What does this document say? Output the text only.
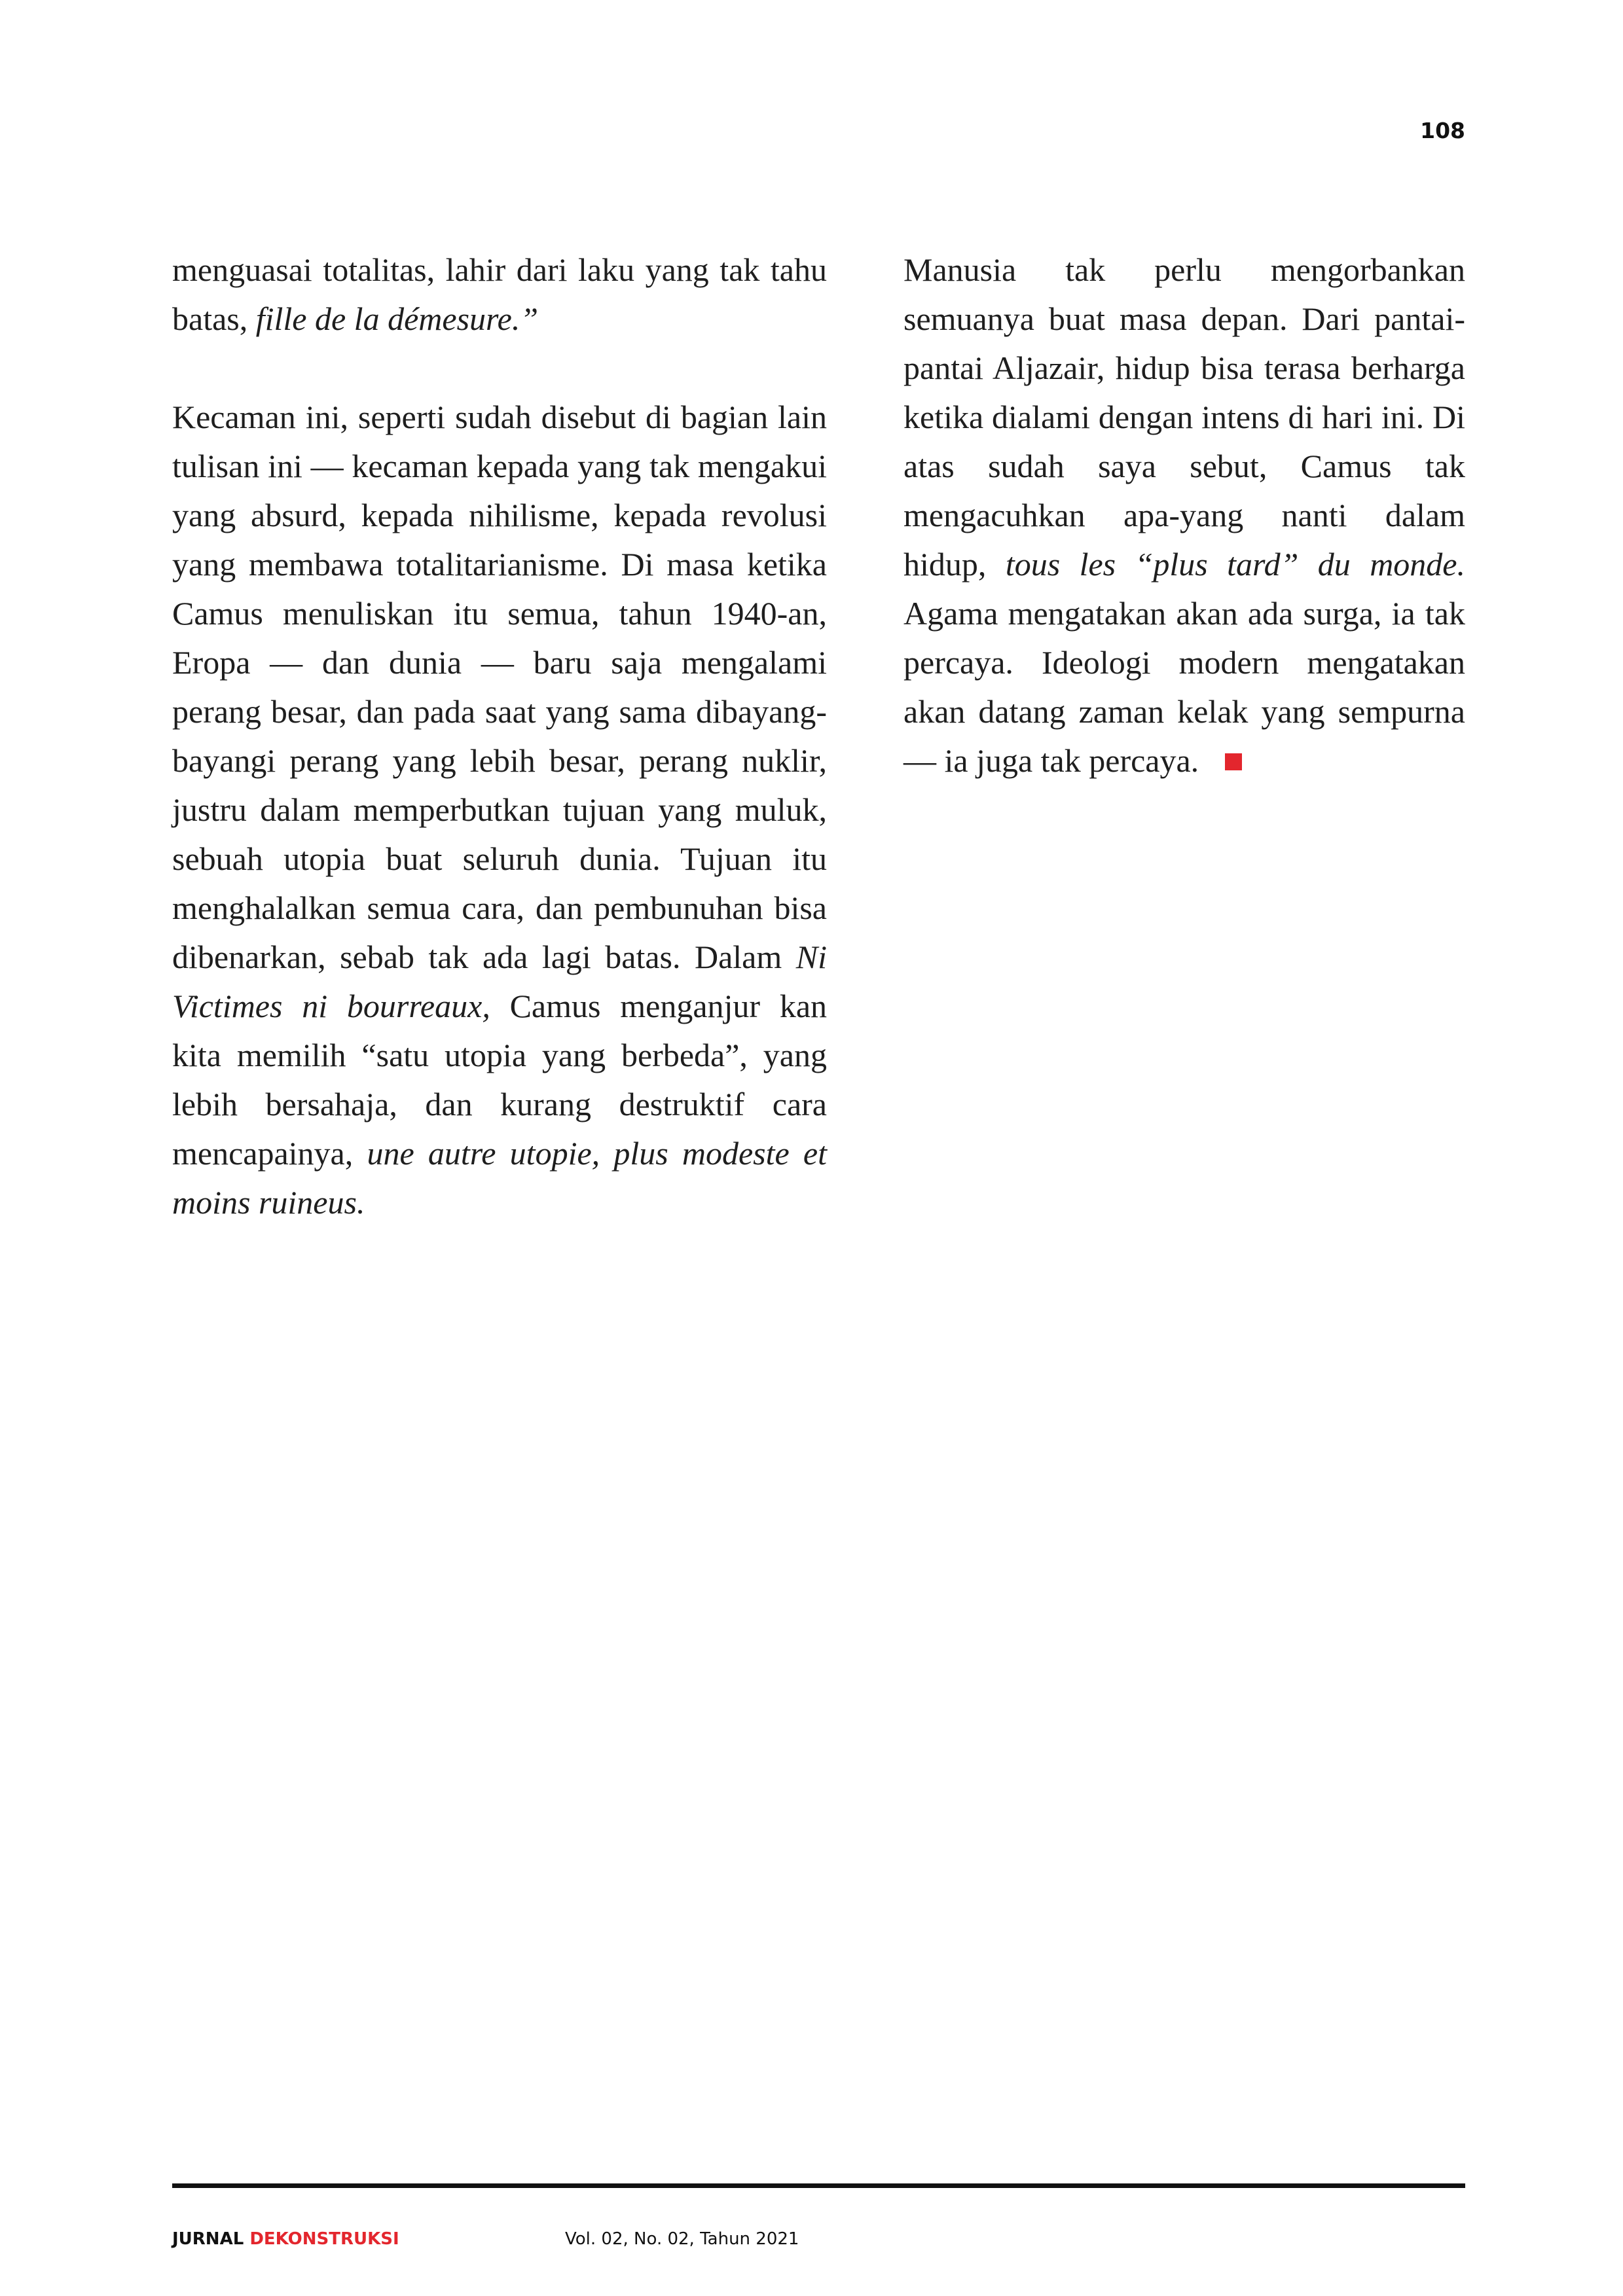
108

menguasai totalitas, lahir dari laku yang tak tahu batas, fille de la démesure.”

Kecaman ini, seperti sudah disebut di bagian lain tulisan ini — kecaman kepada yang tak mengakui yang absurd, kepada nihilisme, kepada revolusi yang membawa totalitarianisme. Di masa ketika Camus menuliskan itu semua, tahun 1940-an, Eropa — dan dunia — baru saja mengalami perang besar, dan pada saat yang sama dibayang-bayangi perang yang lebih besar, perang nuklir, justru dalam memperbutkan tujuan yang muluk, sebuah utopia buat seluruh dunia. Tujuan itu menghalalkan semua cara, dan pembunuhan bisa dibenarkan, sebab tak ada lagi batas. Dalam Ni Victimes ni bourreaux, Camus menganjur kan kita memilih “satu utopia yang berbeda”, yang lebih bersahaja, dan kurang destruktif cara mencapainya, une autre utopie, plus modeste et moins ruineus.

Manusia tak perlu mengorbankan semuanya buat masa depan. Dari pantai-pantai Aljazair, hidup bisa terasa berharga ketika dialami dengan intens di hari ini. Di atas sudah saya sebut, Camus tak mengacuhkan apa-yang nanti dalam hidup, tous les “plus tard” du monde. Agama mengatakan akan ada surga, ia tak percaya. Ideologi modern mengatakan akan datang zaman kelak yang sempurna — ia juga tak percaya.

JURNAL DEKONSTRUKSI	Vol. 02, No. 02, Tahun 2021
